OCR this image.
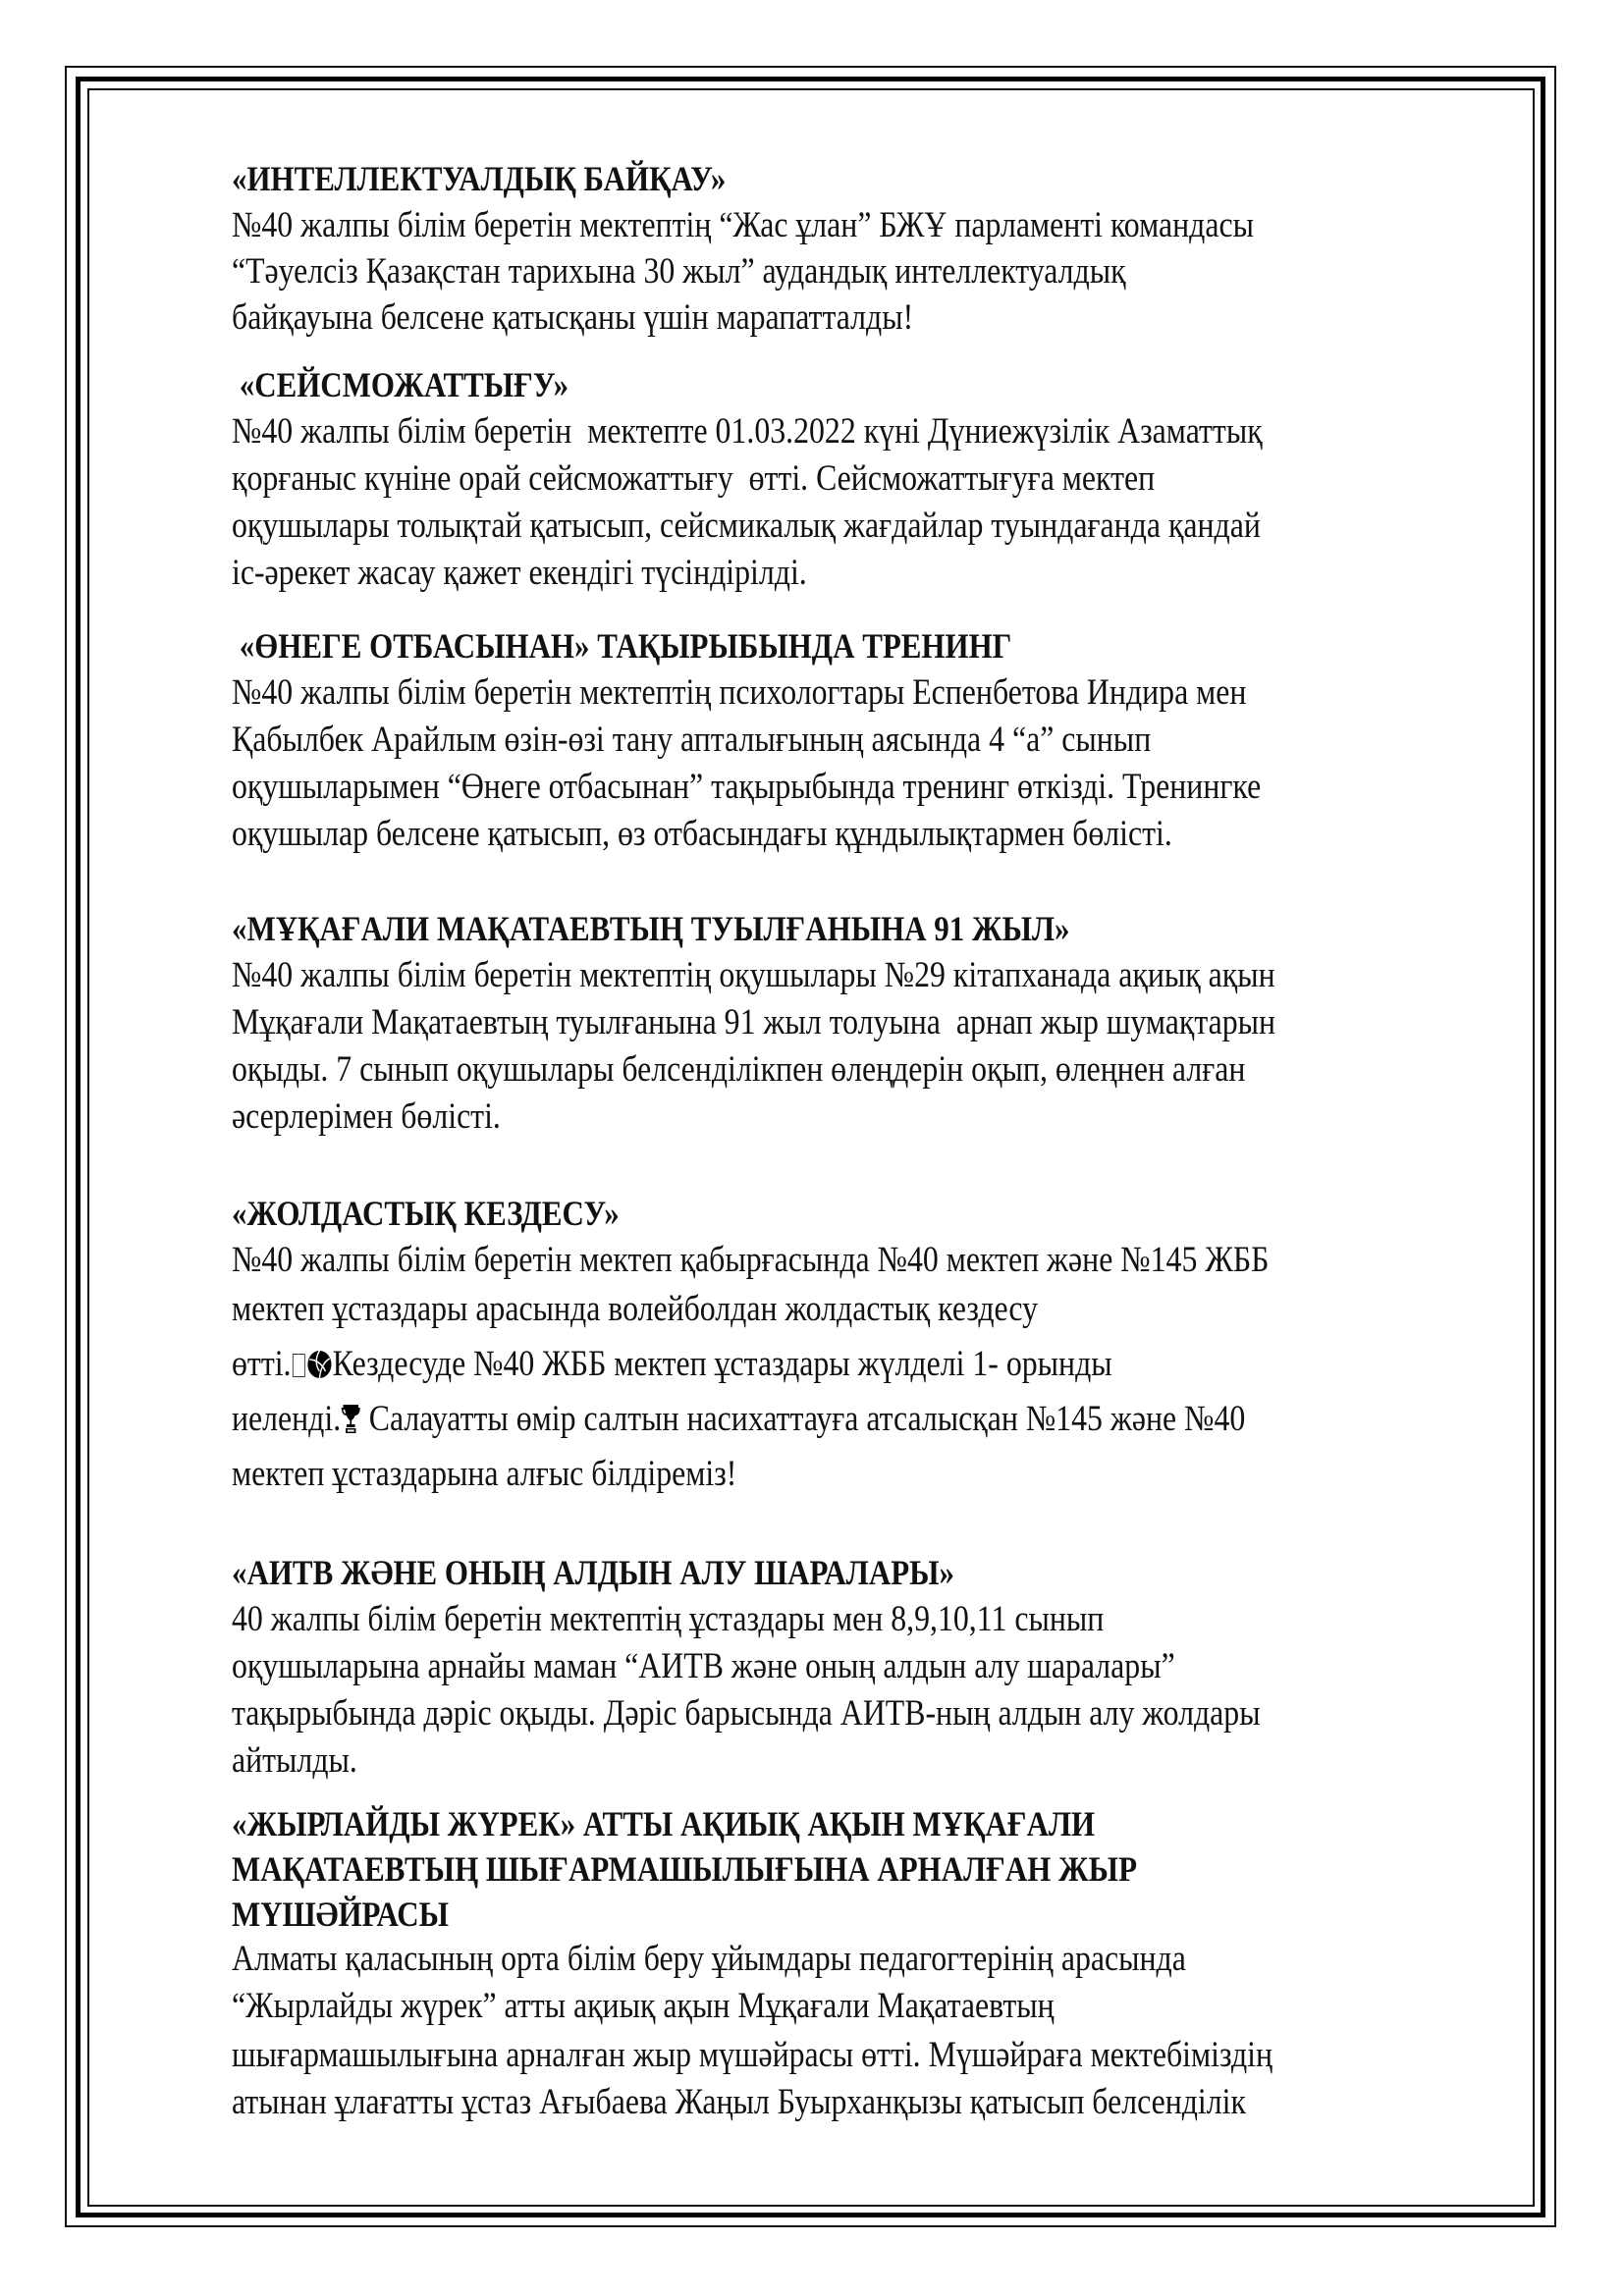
«ИНТЕЛЛЕКТУАЛДЫҚ БАЙҚАУ»
№40 жалпы білім беретін мектептің “Жас ұлан” БЖҰ парламенті командасы
“Тәуелсіз Қазақстан тарихына 30 жыл” аудандық интеллектуалдық
байқауына белсене қатысқаны үшін марапатталды!
«СЕЙСМОЖАТТЫҒУ»
№40 жалпы білім беретін  мектепте 01.03.2022 күні Дүниежүзілік Азаматтық
қорғаныс күніне орай сейсможаттығу  өтті. Сейсможаттығуға мектеп
оқушылары толықтай қатысып, сейсмикалық жағдайлар туындағанда қандай
іс-әрекет жасау қажет екендігі түсіндірілді.
«ӨНЕГЕ ОТБАСЫНАН» ТАҚЫРЫБЫНДА ТРЕНИНГ
№40 жалпы білім беретін мектептің психологтары Еспенбетова Индира мен
Қабылбек Арайлым өзін-өзі тану апталығының аясында 4 “а” сынып
оқушыларымен “Өнеге отбасынан” тақырыбында тренинг өткізді. Тренингке
оқушылар белсене қатысып, өз отбасындағы құндылықтармен бөлісті.
«МҰҚАҒАЛИ МАҚАТАЕВТЫҢ ТУЫЛҒАНЫНА 91 ЖЫЛ»
№40 жалпы білім беретін мектептің оқушылары №29 кітапханада ақиық ақын
Мұқағали Мақатаевтың туылғанына 91 жыл толуына  арнап жыр шумақтарын
оқыды. 7 сынып оқушылары белсенділікпен өлеңдерін оқып, өлеңнен алған
әсерлерімен бөлісті.
«ЖОЛДАСТЫҚ КЕЗДЕСУ»
№40 жалпы білім беретін мектеп қабырғасында №40 мектеп және №145 ЖББ
мектеп ұстаздары арасында волейболдан жолдастық кездесу
өтті. Кездесуде №40 ЖББ мектеп ұстаздары жүлделі 1- орынды
иеленді. Салауатты өмір салтын насихаттауға атсалысқан №145 және №40
мектеп ұстаздарына алғыс білдіреміз!
«АИТВ ЖӘНЕ ОНЫҢ АЛДЫН АЛУ ШАРАЛАРЫ»
40 жалпы білім беретін мектептің ұстаздары мен 8,9,10,11 сынып
оқушыларына арнайы маман “АИТВ және оның алдын алу шаралары”
тақырыбында дәріс оқыды. Дәріс барысында АИТВ-ның алдын алу жолдары
айтылды.
«ЖЫРЛАЙДЫ ЖҮРЕК» АТТЫ АҚИЫҚ АҚЫН МҰҚАҒАЛИ
МАҚАТАЕВТЫҢ ШЫҒАРМАШЫЛЫҒЫНА АРНАЛҒАН ЖЫР
МҮШӘЙРАСЫ
Алматы қаласының орта білім беру ұйымдары педагогтерінің арасында
“Жырлайды жүрек” атты ақиық ақын Мұқағали Мақатаевтың
шығармашылығына арналған жыр мүшәйрасы өтті. Мүшәйраға мектебіміздің
атынан ұлағатты ұстаз Ағыбаева Жаңыл Буырханқызы қатысып белсенділік
